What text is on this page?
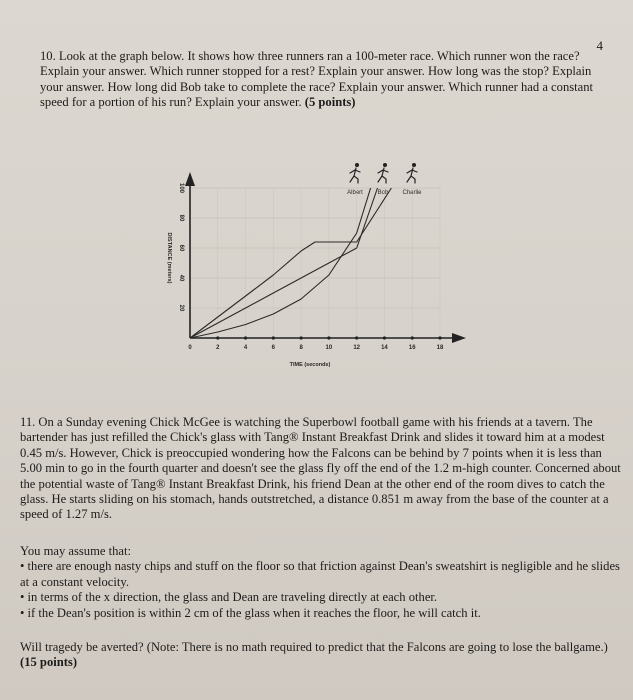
4
10. Look at the graph below. It shows how three runners ran a 100-meter race. Which runner won the race? Explain your answer. Which runner stopped for a rest? Explain your answer. How long was the stop? Explain your answer. How long did Bob take to complete the race? Explain your answer. Which runner had a constant speed for a portion of his run? Explain your answer. (5 points)
Albert Bob Charlie
20
40
60
80
100
0	2	4	6	8	10	12	14	16	18
DISTANCE (meters)
TIME (seconds)
11. On a Sunday evening Chick McGee is watching the Superbowl football game with his friends at a tavern. The bartender has just refilled the Chick's glass with Tang® Instant Breakfast Drink and slides it toward him at a modest 0.45 m/s. However, Chick is preoccupied wondering how the Falcons can be behind by 7 points when it is less than 5.00 min to go in the fourth quarter and doesn't see the glass fly off the end of the 1.2 m-high counter. Concerned about the potential waste of Tang® Instant Breakfast Drink, his friend Dean at the other end of the room dives to catch the glass. He starts sliding on his stomach, hands outstretched, a distance 0.851 m away from the base of the counter at a speed of 1.27 m/s.
You may assume that:
• there are enough nasty chips and stuff on the floor so that friction against Dean's sweatshirt is negligible and he slides at a constant velocity.
• in terms of the x direction, the glass and Dean are traveling directly at each other.
• if the Dean's position is within 2 cm of the glass when it reaches the floor, he will catch it.
Will tragedy be averted? (Note: There is no math required to predict that the Falcons are going to lose the ballgame.) (15 points)
